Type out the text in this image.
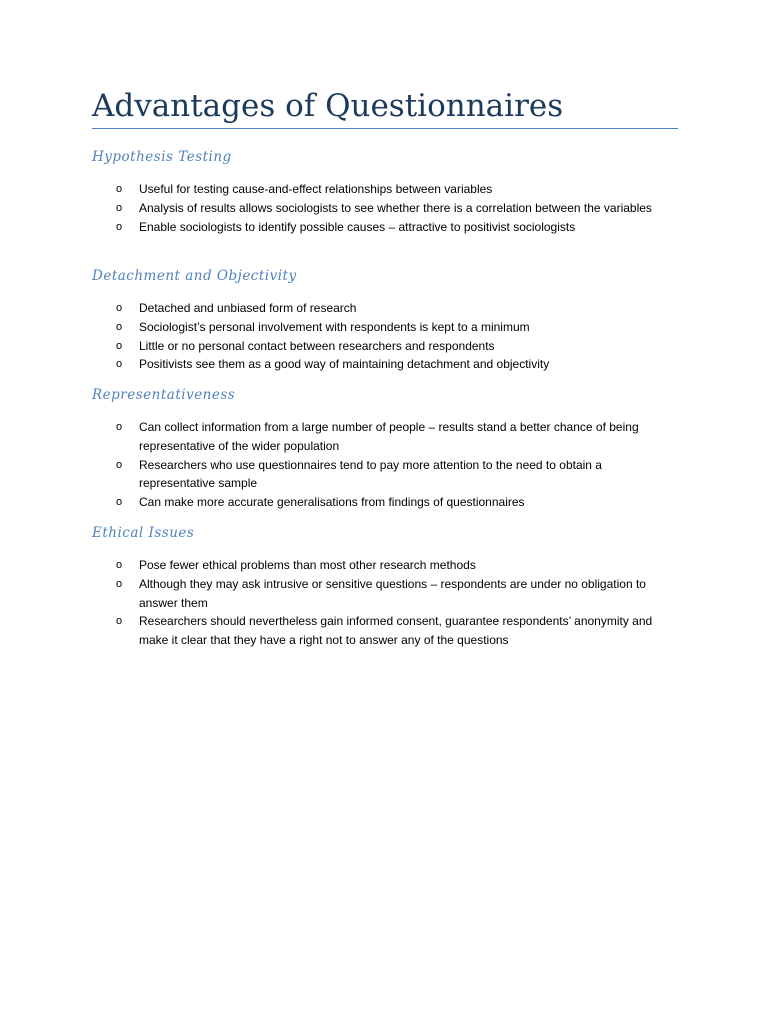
Advantages of Questionnaires
Hypothesis Testing
o Useful for testing cause-and-effect relationships between variables
o Analysis of results allows sociologists to see whether there is a correlation between the variables
o Enable sociologists to identify possible causes – attractive to positivist sociologists
Detachment and Objectivity
o Detached and unbiased form of research
o Sociologist’s personal involvement with respondents is kept to a minimum
o Little or no personal contact between researchers and respondents
o Positivists see them as a good way of maintaining detachment and objectivity
Representativeness
o Can collect information from a large number of people – results stand a better chance of being representative of the wider population
o Researchers who use questionnaires tend to pay more attention to the need to obtain a representative sample
o Can make more accurate generalisations from findings of questionnaires
Ethical Issues
o Pose fewer ethical problems than most other research methods
o Although they may ask intrusive or sensitive questions – respondents are under no obligation to answer them
o Researchers should nevertheless gain informed consent, guarantee respondents’ anonymity and make it clear that they have a right not to answer any of the questions
